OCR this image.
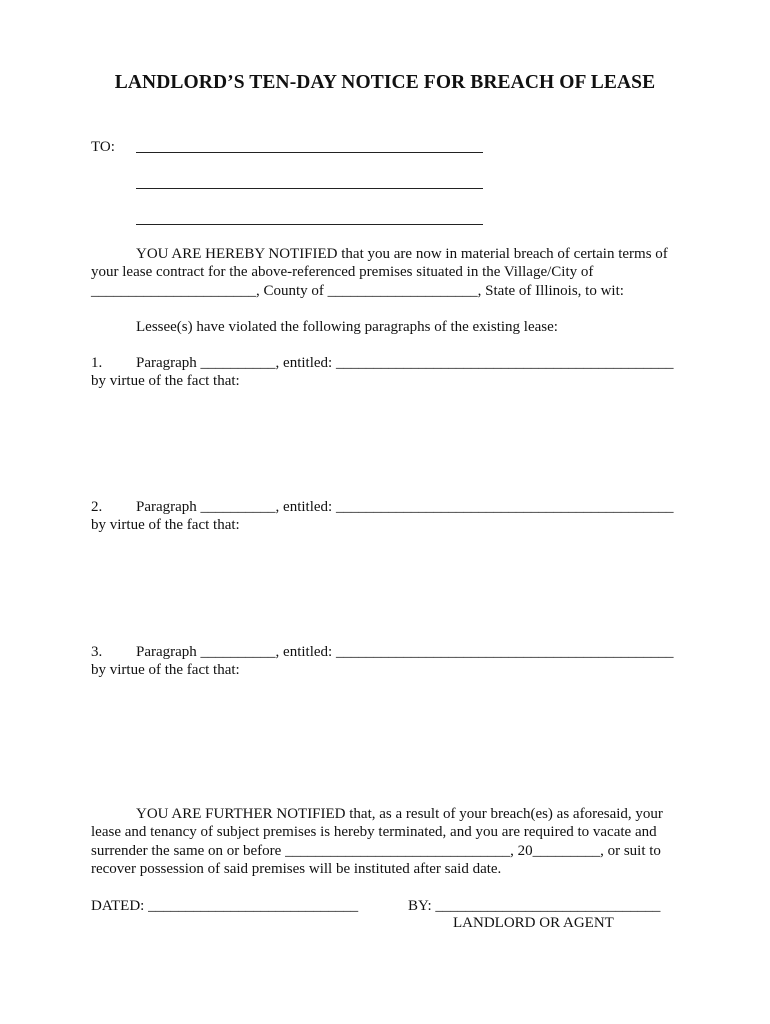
LANDLORD’S TEN-DAY NOTICE FOR BREACH OF LEASE
TO:
YOU ARE HEREBY NOTIFIED that you are now in material breach of certain terms of
your lease contract for the above-referenced premises situated in the Village/City of
______________________, County of ____________________, State of Illinois, to wit:
Lessee(s) have violated the following paragraphs of the existing lease:
1. Paragraph __________, entitled: _____________________________________________
by virtue of the fact that:
2. Paragraph __________, entitled: _____________________________________________
by virtue of the fact that:
3. Paragraph __________, entitled: _____________________________________________
by virtue of the fact that:
YOU ARE FURTHER NOTIFIED that, as a result of your breach(es) as aforesaid, your
lease and tenancy of subject premises is hereby terminated, and you are required to vacate and
surrender the same on or before ______________________________, 20_________, or suit to
recover possession of said premises will be instituted after said date.
DATED: ____________________________	BY: ______________________________
LANDLORD OR AGENT
